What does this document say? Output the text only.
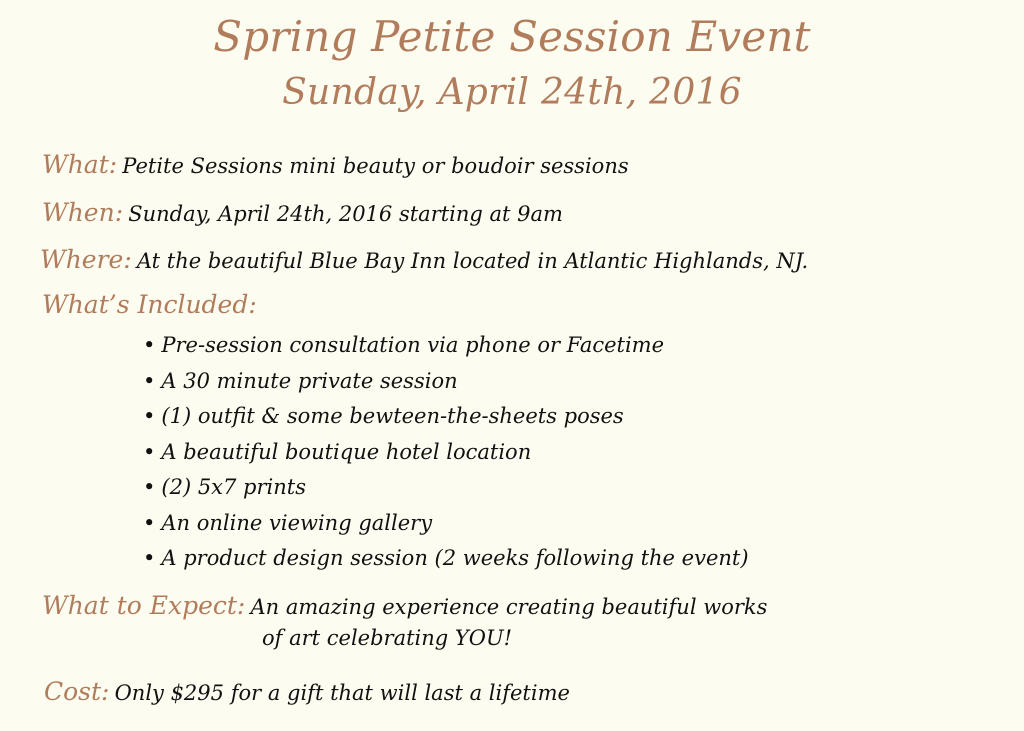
Spring Petite Session Event
Sunday, April 24th, 2016
What: Petite Sessions mini beauty or boudoir sessions
When: Sunday, April 24th, 2016 starting at 9am
Where: At the beautiful Blue Bay Inn located in Atlantic Highlands, NJ.
What’s Included:
• Pre-session consultation via phone or Facetime
• A 30 minute private session
• (1) outfit & some bewteen-the-sheets poses
• A beautiful boutique hotel location
• (2) 5x7 prints
• An online viewing gallery
• A product design session (2 weeks following the event)
What to Expect: An amazing experience creating beautiful works
of art celebrating YOU!
Cost: Only $295 for a gift that will last a lifetime
